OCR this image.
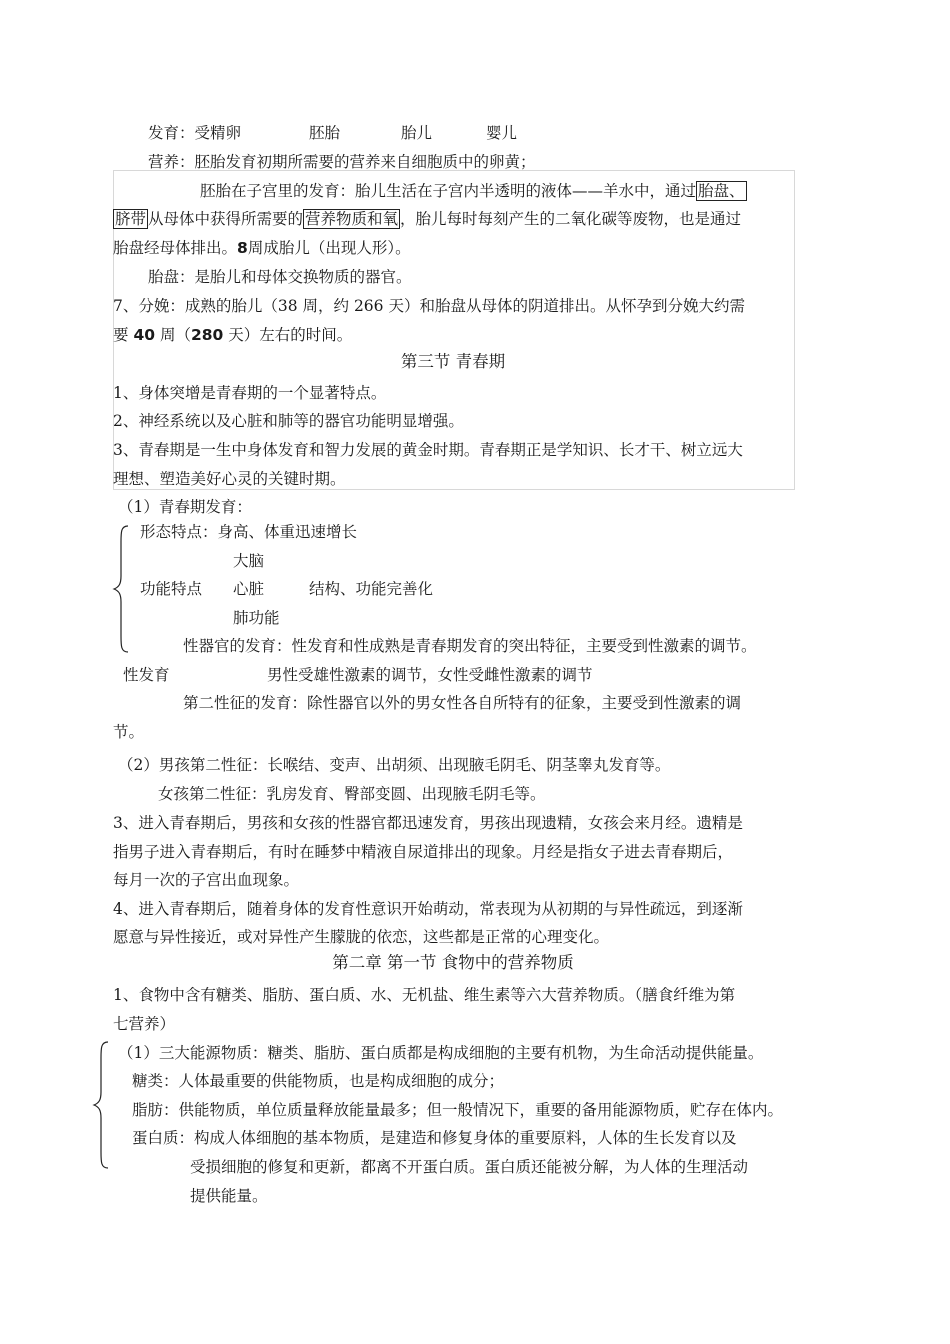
发育：受精卵	胚胎	胎儿	婴儿
营养：胚胎发育初期所需要的营养来自细胞质中的卵黄；
胚胎在子宫里的发育：胎儿生活在子宫内半透明的液体——羊水中，通过 胎盘、
脐带 从母体中获得所需要的 营养物质和氧 ，胎儿每时每刻产生的二氧化碳等废物，也是通过
胎盘经母体排出。8周成胎儿（出现人形）。
胎盘：是胎儿和母体交换物质的器官。
7、分娩：成熟的胎儿（38 周，约 266 天）和胎盘从母体的阴道排出。从怀孕到分娩大约需
要 40 周（280 天）左右的时间。
第三节 青春期
1、身体突增是青春期的一个显著特点。
2、神经系统以及心脏和肺等的器官功能明显增强。
3、青春期是一生中身体发育和智力发展的黄金时期。青春期正是学知识、长才干、树立远大
理想、塑造美好心灵的关键时期。
（1）青春期发育：
形态特点：身高、体重迅速增长
大脑
功能特点 心脏	结构、功能完善化
肺功能
性器官的发育：性发育和性成熟是青春期发育的突出特征，主要受到性激素的调节。
性发育	男性受雄性激素的调节，女性受雌性激素的调节
第二性征的发育：除性器官以外的男女性各自所特有的征象，主要受到性激素的调
节。
（2）男孩第二性征：长喉结、变声、出胡须、出现腋毛阴毛、阴茎睾丸发育等。
女孩第二性征：乳房发育、臀部变圆、出现腋毛阴毛等。
3、进入青春期后，男孩和女孩的性器官都迅速发育，男孩出现遗精，女孩会来月经。遗精是
指男子进入青春期后，有时在睡梦中精液自尿道排出的现象。月经是指女子进去青春期后，
每月一次的子宫出血现象。
4、进入青春期后，随着身体的发育性意识开始萌动，常表现为从初期的与异性疏远，到逐渐
愿意与异性接近，或对异性产生朦胧的依恋，这些都是正常的心理变化。
第二章 第一节 食物中的营养物质
1、食物中含有糖类、脂肪、蛋白质、水、无机盐、维生素等六大营养物质。（膳食纤维为第
七营养）
（1）三大能源物质：糖类、脂肪、蛋白质都是构成细胞的主要有机物，为生命活动提供能量。
糖类：人体最重要的供能物质，也是构成细胞的成分；
脂肪：供能物质，单位质量释放能量最多；但一般情况下，重要的备用能源物质，贮存在体内。
蛋白质：构成人体细胞的基本物质，是建造和修复身体的重要原料，人体的生长发育以及
受损细胞的修复和更新，都离不开蛋白质。蛋白质还能被分解，为人体的生理活动
提供能量。
